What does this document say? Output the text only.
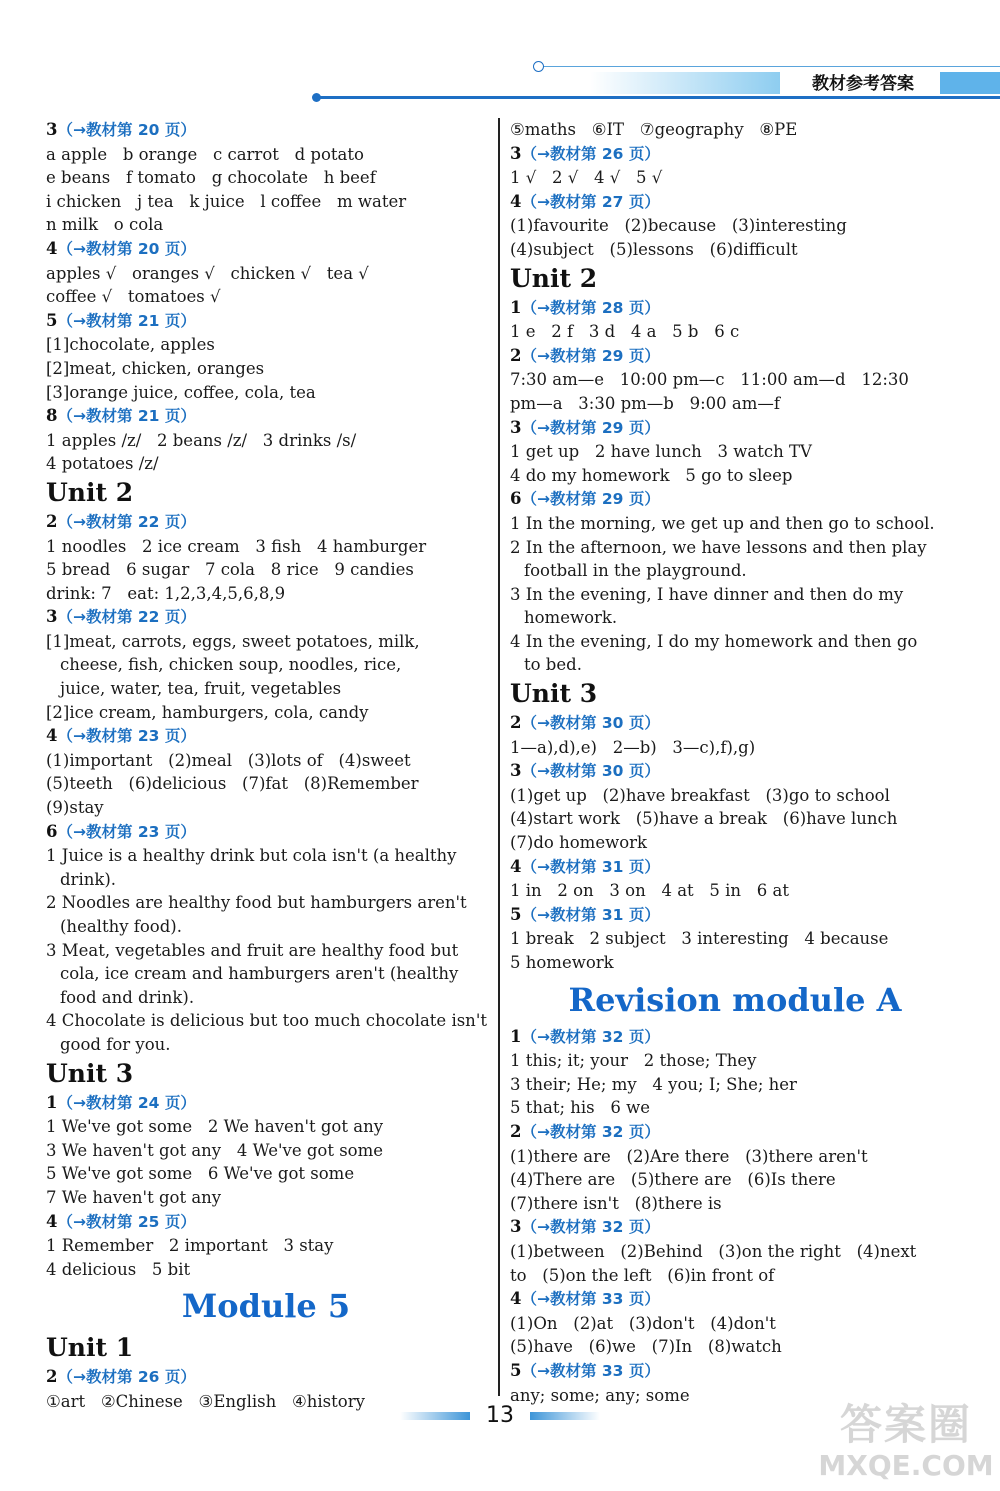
教材参考答案
3（→教材第 20 页）
a apple   b orange   c carrot   d potato
e beans   f tomato   g chocolate   h beef
i chicken   j tea   k juice   l coffee   m water
n milk   o cola
4（→教材第 20 页）
apples √   oranges √   chicken √   tea √
coffee √   tomatoes √
5（→教材第 21 页）
[1]chocolate, apples
[2]meat, chicken, oranges
[3]orange juice, coffee, cola, tea
8（→教材第 21 页）
1 apples /z/   2 beans /z/   3 drinks /s/
4 potatoes /z/
Unit 2
2（→教材第 22 页）
1 noodles   2 ice cream   3 fish   4 hamburger
5 bread   6 sugar   7 cola   8 rice   9 candies
drink: 7   eat: 1,2,3,4,5,6,8,9
3（→教材第 22 页）
[1]meat, carrots, eggs, sweet potatoes, milk,
cheese, fish, chicken soup, noodles, rice,
juice, water, tea, fruit, vegetables
[2]ice cream, hamburgers, cola, candy
4（→教材第 23 页）
(1)important   (2)meal   (3)lots of   (4)sweet
(5)teeth   (6)delicious   (7)fat   (8)Remember
(9)stay
6（→教材第 23 页）
1 Juice is a healthy drink but cola isn't (a healthy
drink).
2 Noodles are healthy food but hamburgers aren't
(healthy food).
3 Meat, vegetables and fruit are healthy food but
cola, ice cream and hamburgers aren't (healthy
food and drink).
4 Chocolate is delicious but too much chocolate isn't
good for you.
Unit 3
1（→教材第 24 页）
1 We've got some   2 We haven't got any
3 We haven't got any   4 We've got some
5 We've got some   6 We've got some
7 We haven't got any
4（→教材第 25 页）
1 Remember   2 important   3 stay
4 delicious   5 bit
Module 5
Unit 1
2（→教材第 26 页）
①art   ②Chinese   ③English   ④history
⑤maths   ⑥IT   ⑦geography   ⑧PE
3（→教材第 26 页）
1 √   2 √   4 √   5 √
4（→教材第 27 页）
(1)favourite   (2)because   (3)interesting
(4)subject   (5)lessons   (6)difficult
Unit 2
1（→教材第 28 页）
1 e   2 f   3 d   4 a   5 b   6 c
2（→教材第 29 页）
7:30 am—e   10:00 pm—c   11:00 am—d   12:30
pm—a   3:30 pm—b   9:00 am—f
3（→教材第 29 页）
1 get up   2 have lunch   3 watch TV
4 do my homework   5 go to sleep
6（→教材第 29 页）
1 In the morning, we get up and then go to school.
2 In the afternoon, we have lessons and then play
football in the playground.
3 In the evening, I have dinner and then do my
homework.
4 In the evening, I do my homework and then go
to bed.
Unit 3
2（→教材第 30 页）
1—a),d),e)   2—b)   3—c),f),g)
3（→教材第 30 页）
(1)get up   (2)have breakfast   (3)go to school
(4)start work   (5)have a break   (6)have lunch
(7)do homework
4（→教材第 31 页）
1 in   2 on   3 on   4 at   5 in   6 at
5（→教材第 31 页）
1 break   2 subject   3 interesting   4 because
5 homework
Revision module A
1（→教材第 32 页）
1 this; it; your   2 those; They
3 their; He; my   4 you; I; She; her
5 that; his   6 we
2（→教材第 32 页）
(1)there are   (2)Are there   (3)there aren't
(4)There are   (5)there are   (6)Is there
(7)there isn't   (8)there is
3（→教材第 32 页）
(1)between   (2)Behind   (3)on the right   (4)next
to   (5)on the left   (6)in front of
4（→教材第 33 页）
(1)On   (2)at   (3)don't   (4)don't
(5)have   (6)we   (7)In   (8)watch
5（→教材第 33 页）
any; some; any; some
13	答案圈
MXQE.COM
